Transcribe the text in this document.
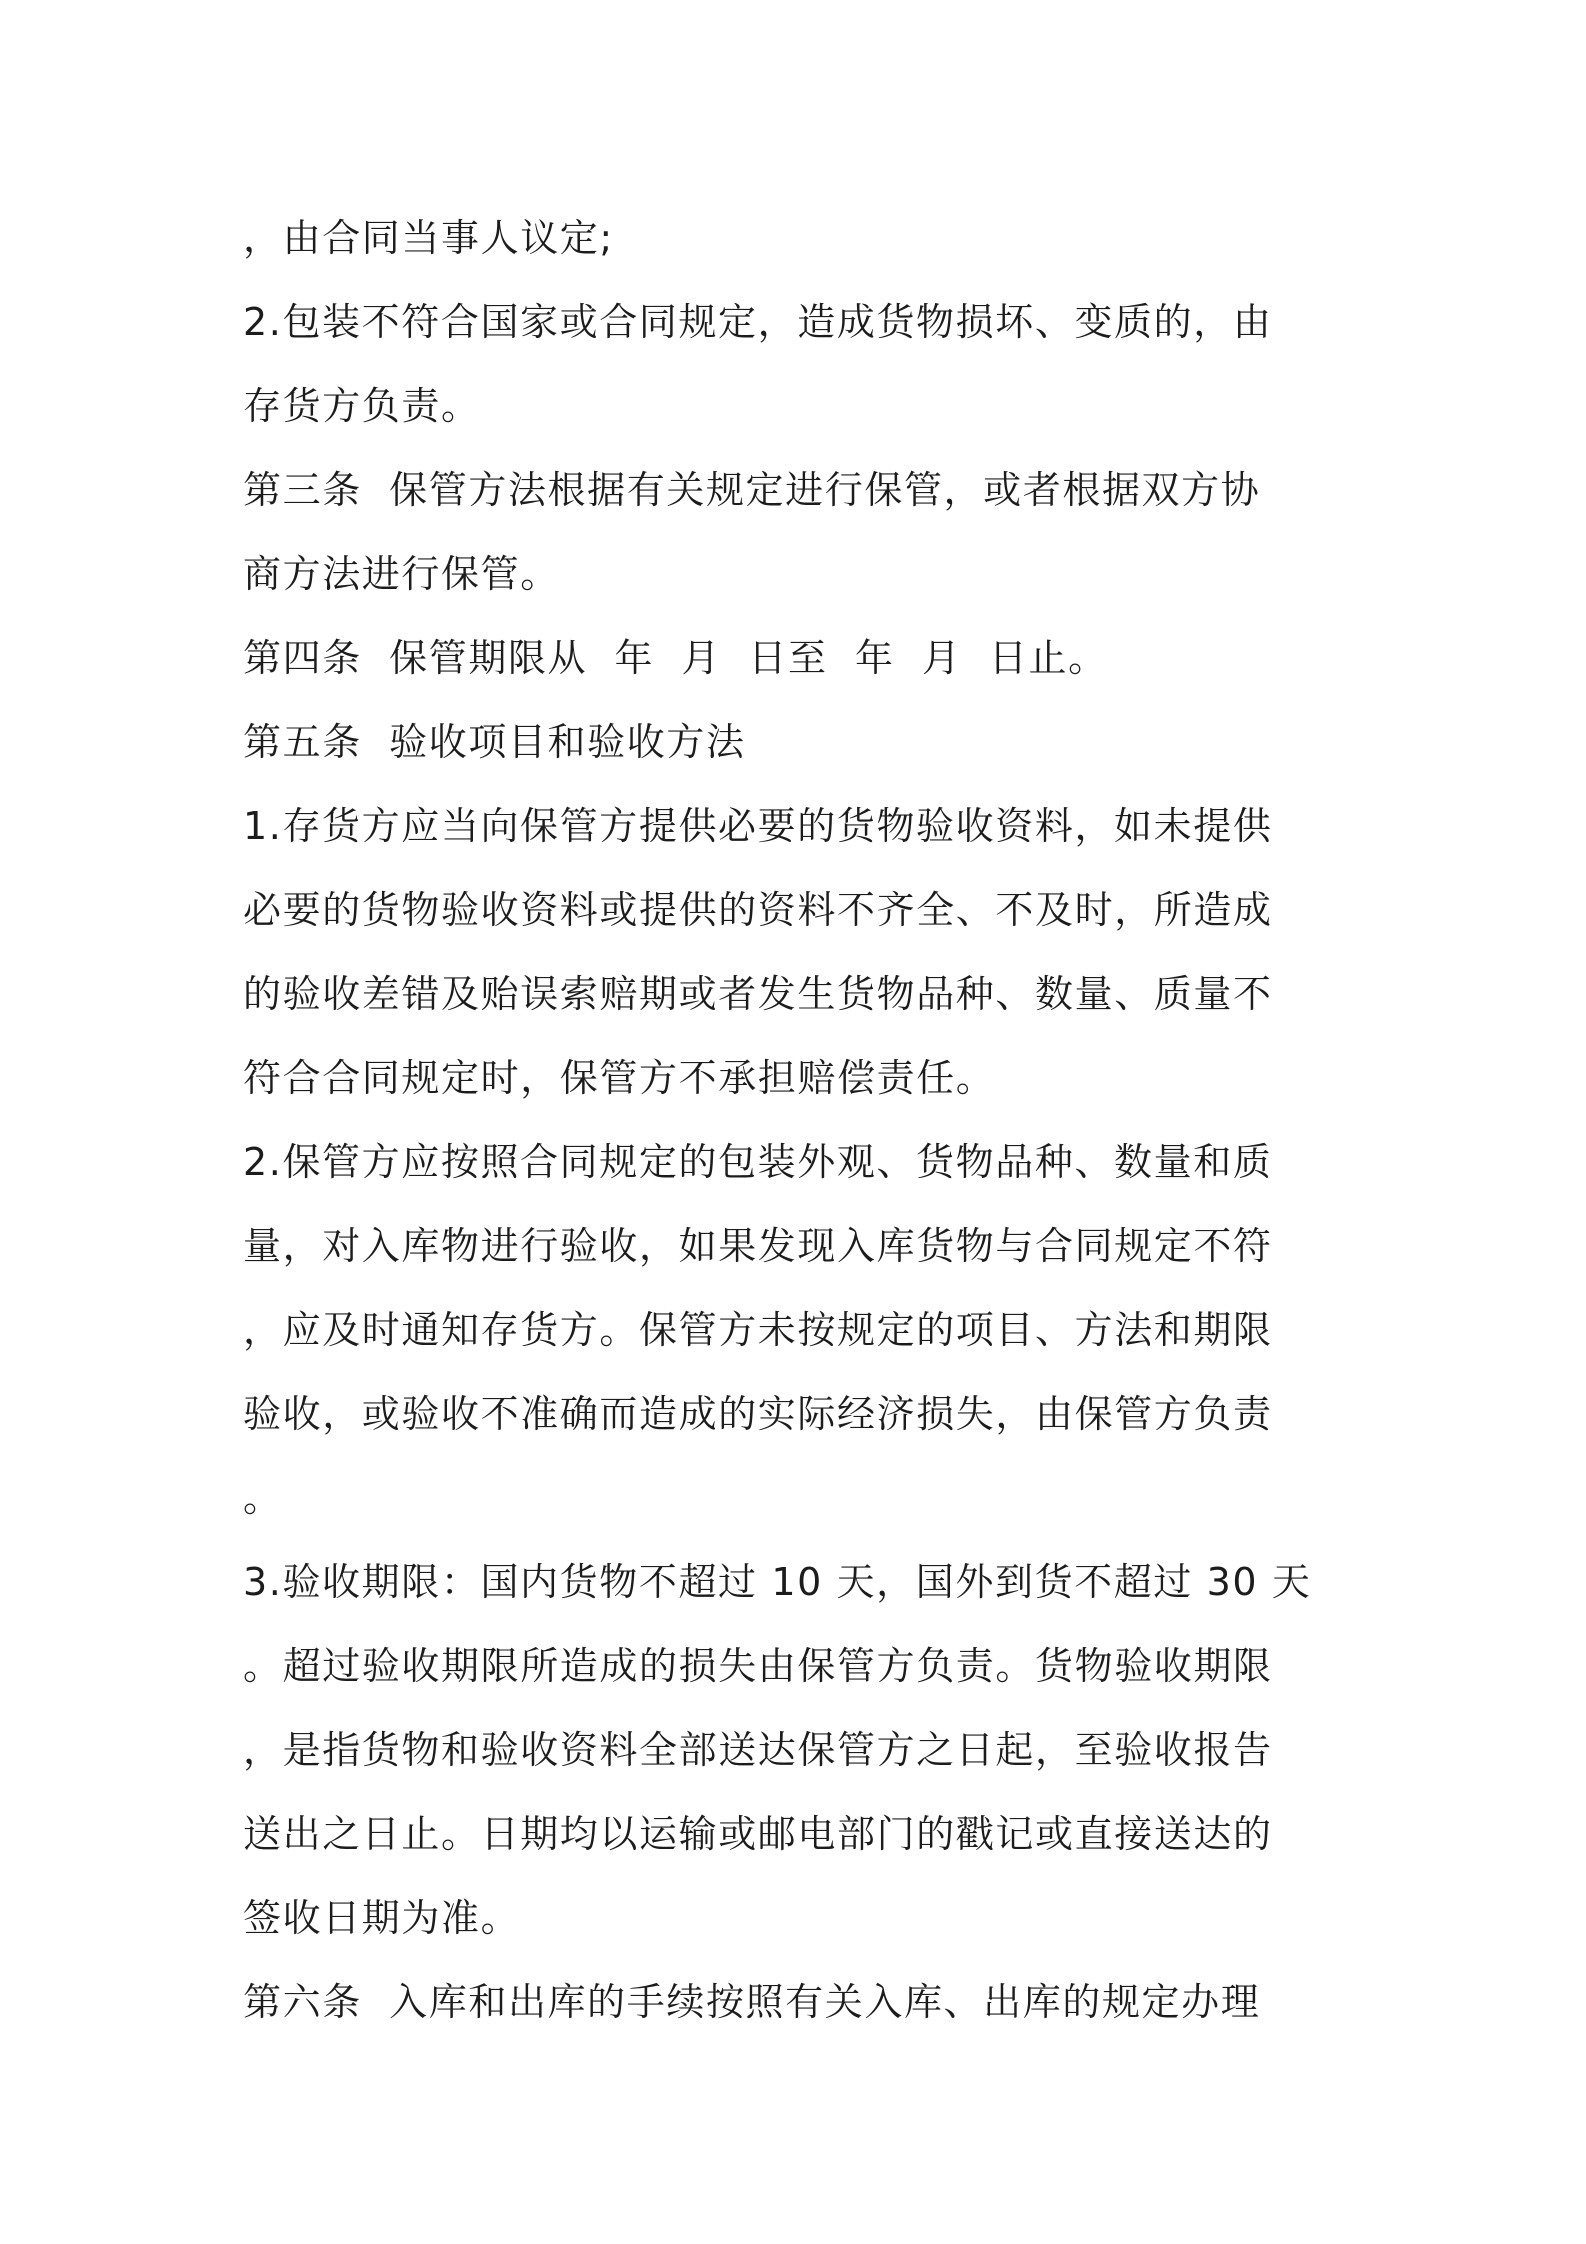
，由合同当事人议定;
2.包装不符合国家或合同规定，造成货物损坏、变质的，由
存货方负责。
第三条  保管方法根据有关规定进行保管，或者根据双方协
商方法进行保管。
第四条  保管期限从  年  月  日至  年  月  日止。
第五条  验收项目和验收方法
1.存货方应当向保管方提供必要的货物验收资料，如未提供
必要的货物验收资料或提供的资料不齐全、不及时，所造成
的验收差错及贻误索赔期或者发生货物品种、数量、质量不
符合合同规定时，保管方不承担赔偿责任。
2.保管方应按照合同规定的包装外观、货物品种、数量和质
量，对入库物进行验收，如果发现入库货物与合同规定不符
，应及时通知存货方。保管方未按规定的项目、方法和期限
验收，或验收不准确而造成的实际经济损失，由保管方负责
。
3.验收期限：国内货物不超过 10 天，国外到货不超过 30 天
。超过验收期限所造成的损失由保管方负责。货物验收期限
，是指货物和验收资料全部送达保管方之日起，至验收报告
送出之日止。日期均以运输或邮电部门的戳记或直接送达的
签收日期为准。
第六条  入库和出库的手续按照有关入库、出库的规定办理
